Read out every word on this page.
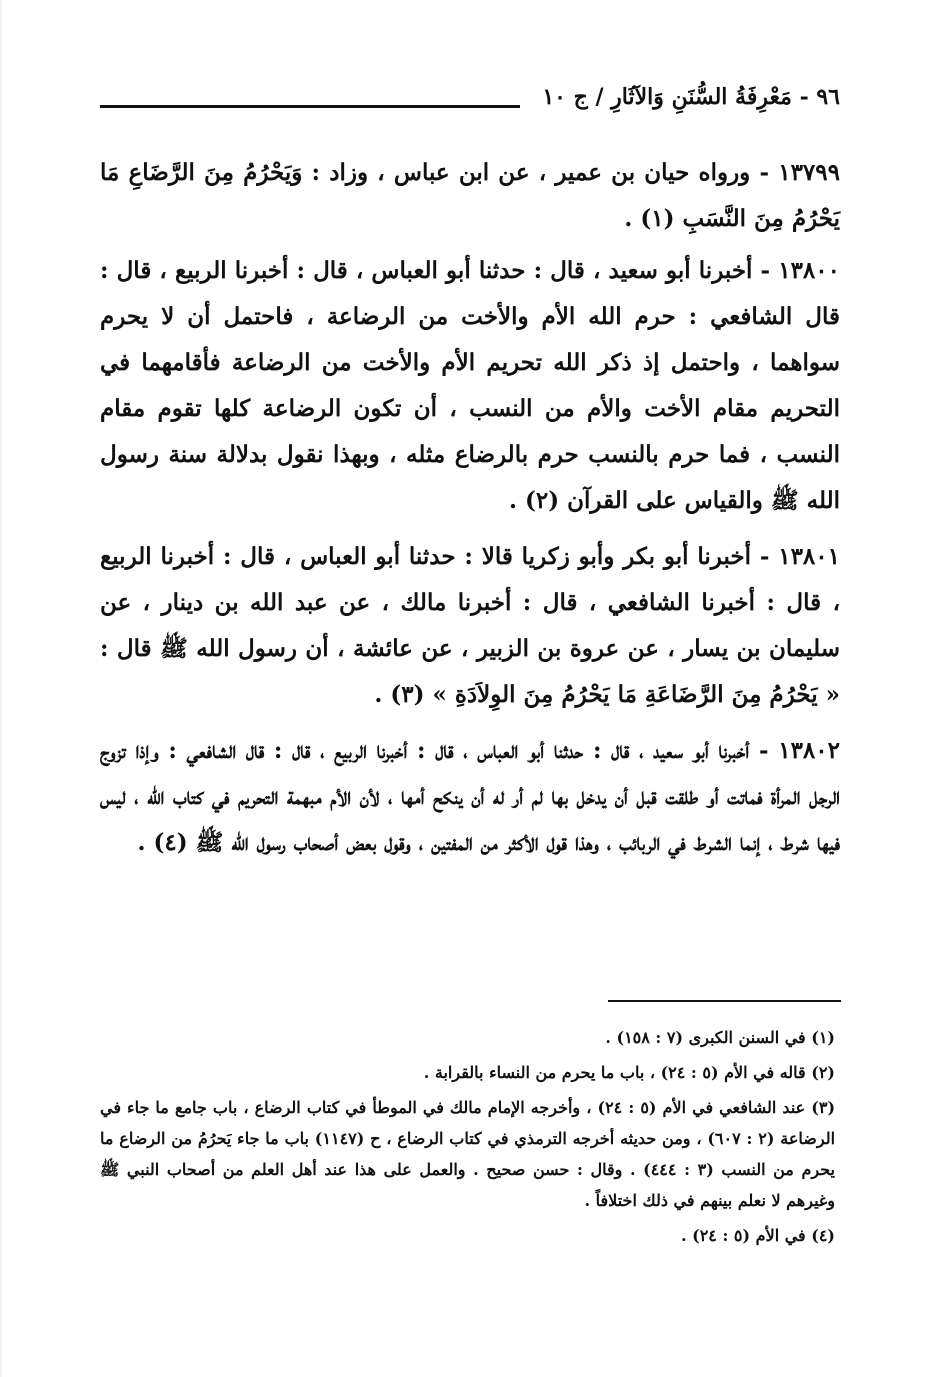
٩٦ - مَعْرِفَةُ السُّنَنِ وَالآثَارِ / ج ١٠

١٣٧٩٩ - ورواه حيان بن عمير ، عن ابن عباس ، وزاد : وَيَحْرُمُ مِنَ الرَّضَاعِ مَا يَحْرُمُ مِنَ النَّسَبِ (١) .

١٣٨٠٠ - أخبرنا أبو سعيد ، قال : حدثنا أبو العباس ، قال : أخبرنا الربيع ، قال : قال الشافعي : حرم الله الأم والأخت من الرضاعة ، فاحتمل أن لا يحرم سواهما ، واحتمل إذ ذكر الله تحريم الأم والأخت من الرضاعة فأقامهما في التحريم مقام الأخت والأم من النسب ، أن تكون الرضاعة كلها تقوم مقام النسب ، فما حرم بالنسب حرم بالرضاع مثله ، وبهذا نقول بدلالة سنة رسول الله ﷺ والقياس على القرآن (٢) .

١٣٨٠١ - أخبرنا أبو بكر وأبو زكريا قالا : حدثنا أبو العباس ، قال : أخبرنا الربيع ، قال : أخبرنا الشافعي ، قال : أخبرنا مالك ، عن عبد الله بن دينار ، عن سليمان بن يسار ، عن عروة بن الزبير ، عن عائشة ، أن رسول الله ﷺ قال : « يَحْرُمُ مِنَ الرَّضَاعَةِ مَا يَحْرُمُ مِنَ الوِلاَدَةِ » (٣) .

١٣٨٠٢ - أخبرنا أبو سعيد ، قال : حدثنا أبو العباس ، قال : أخبرنا الربيع ، قال : قال الشافعي : وإذا تزوج الرجل المرأة فماتت أو طلقت قبل أن يدخل بها لم أر له أن ينكح أمها ، لأن الأم مبهمة التحريم في كتاب الله ، ليس فيها شرط ، إنما الشرط في الربائب ، وهذا قول الأكثر من المفتين ، وقول بعض أصحاب رسول الله ﷺ (٤) .

(١) في السنن الكبرى (٧ : ١٥٨) .

(٢) قاله في الأم (٥ : ٢٤) ، باب ما يحرم من النساء بالقرابة .

(٣) عند الشافعي في الأم (٥ : ٢٤) ، وأخرجه الإمام مالك في الموطأ في كتاب الرضاع ، باب جامع ما جاء في الرضاعة (٢ : ٦٠٧) ، ومن حديثه أخرجه الترمذي في كتاب الرضاع ، ح (١١٤٧) باب ما جاء يَحرُمُ من الرضاع ما يحرم من النسب (٣ : ٤٤٤) . وقال : حسن صحيح . والعمل على هذا عند أهل العلم من أصحاب النبي ﷺ وغيرهم لا نعلم بينهم في ذلك اختلافاً .

(٤) في الأم (٥ : ٢٤) .
